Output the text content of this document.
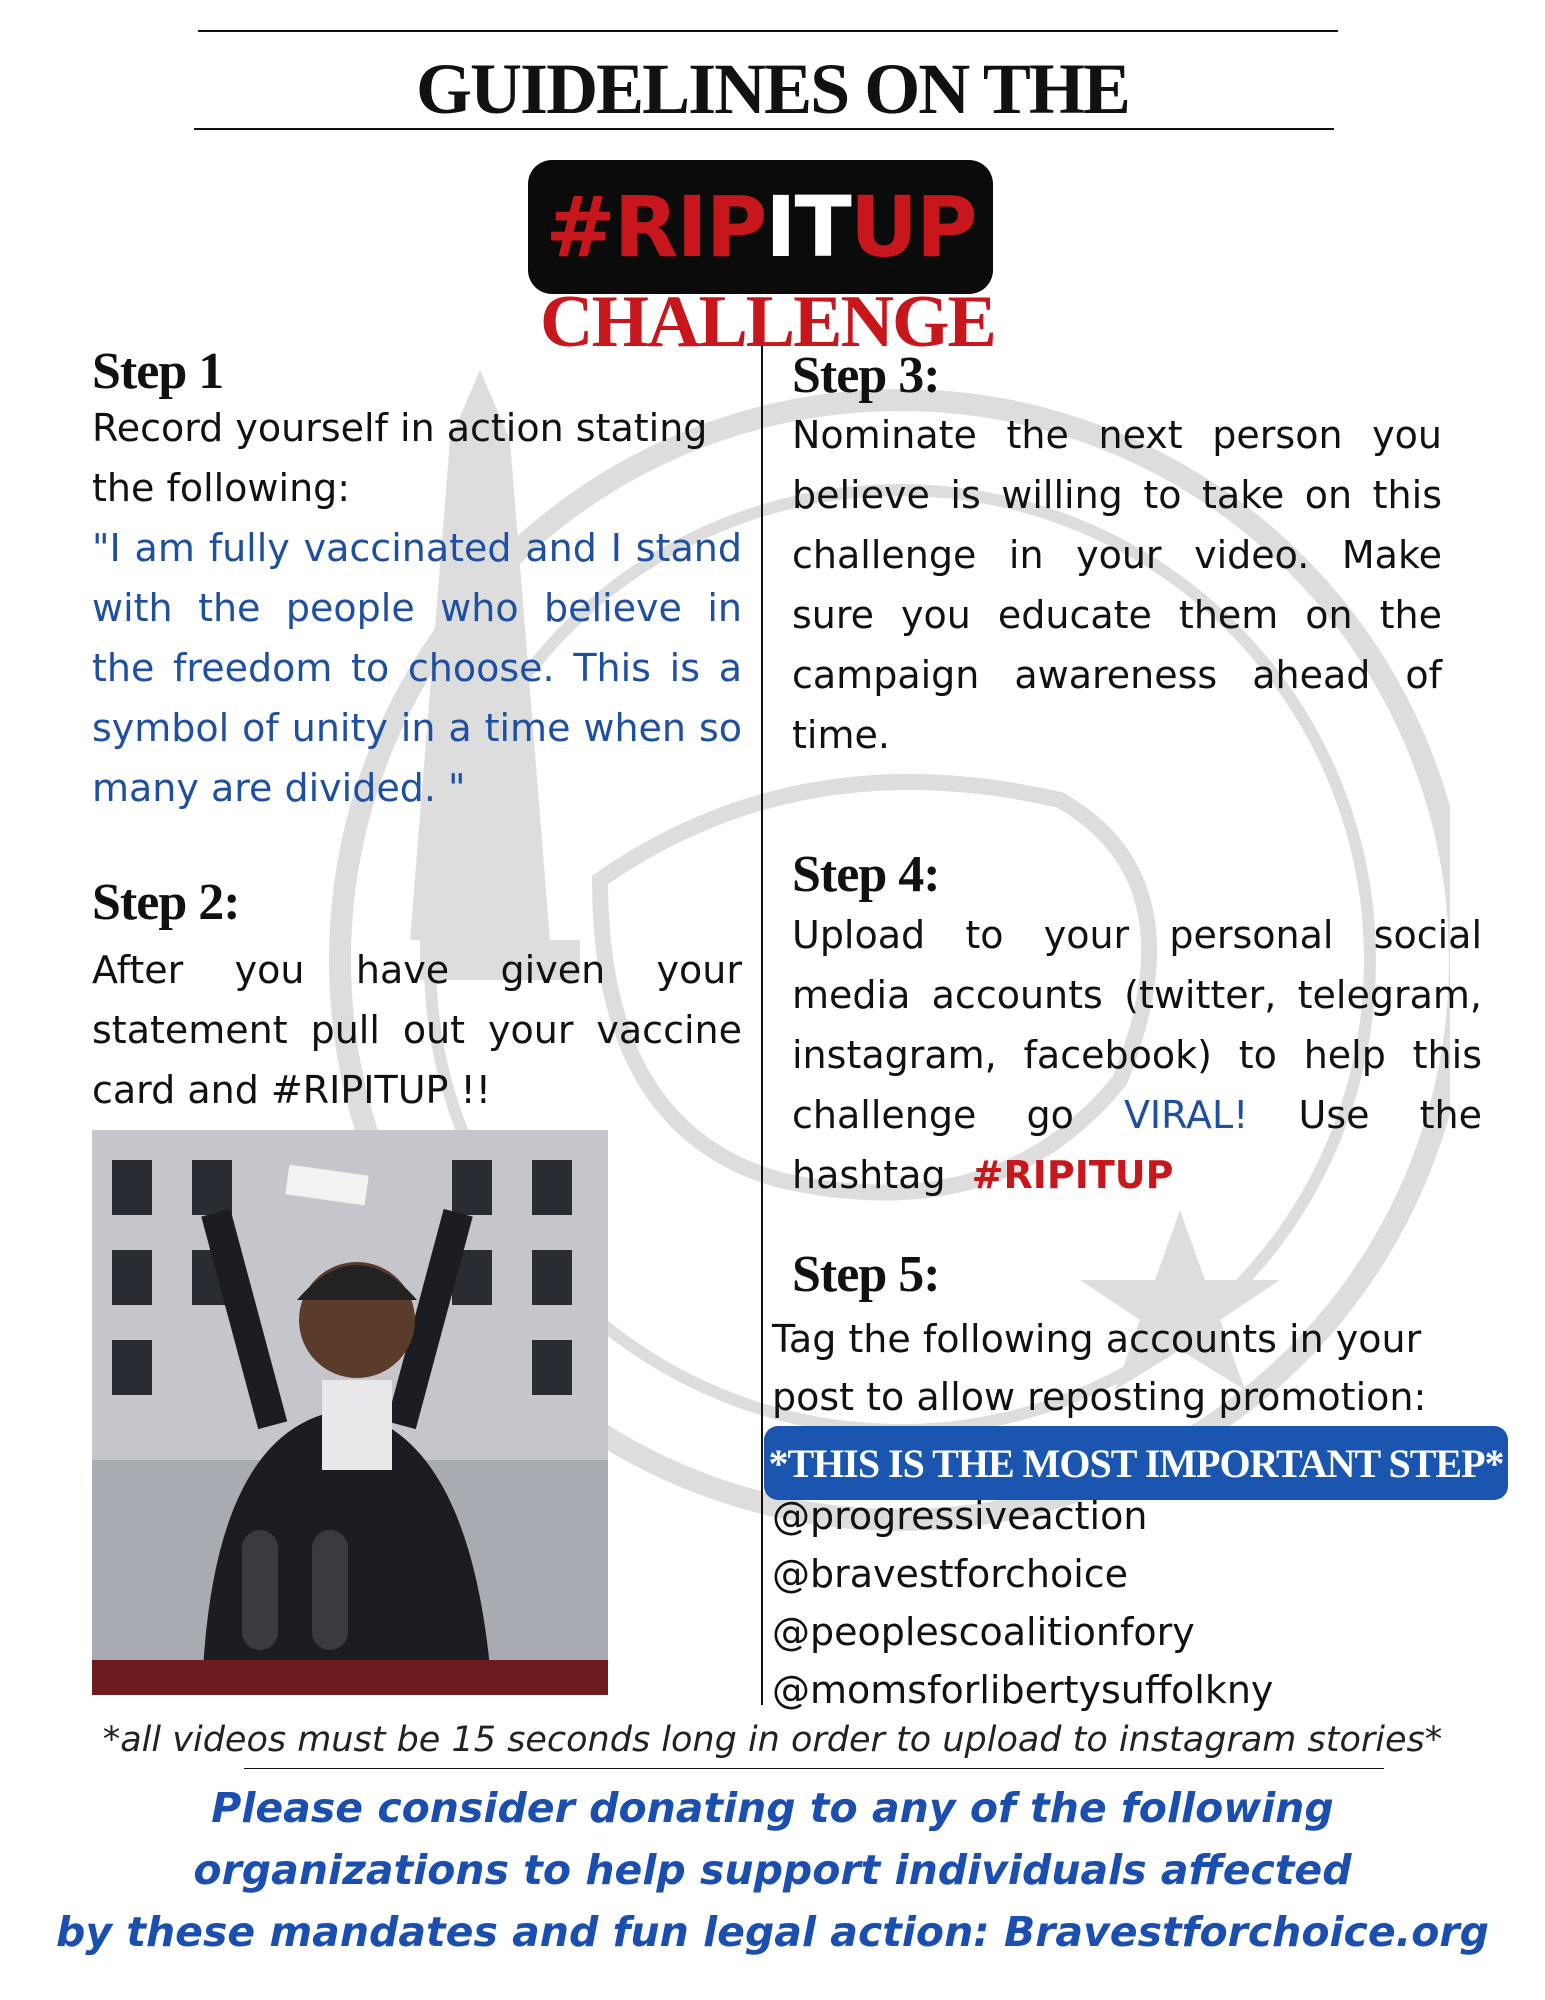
GUIDELINES ON THE
#RIP IT UP
CHALLENGE
Step 1
Record yourself in action stating the following:
"I am fully vaccinated and I stand with the people who believe in the freedom to choose. This is a symbol of unity in a time when so many are divided. "
Step 2:
After you have given your statement pull out your vaccine card and #RIPITUP !!
Step 3:
Nominate the next person you believe is willing to take on this challenge in your video. Make sure you educate them on the campaign awareness ahead of time.
Step 4:
Upload to your personal social media accounts (twitter, telegram, instagram, facebook) to help this challenge go VIRAL! Use the hashtag #RIPITUP
Step 5:
Tag the following accounts in your post to allow reposting promotion:
*THIS IS THE MOST IMPORTANT STEP*
@progressiveaction
@bravestforchoice
@peoplescoalitionfory
@momsforlibertysuffolkny
*all videos must be 15 seconds long in order to upload to instagram stories*
Please consider donating to any of the following
organizations to help support individuals affected
by these mandates and fun legal action: Bravestforchoice.org
